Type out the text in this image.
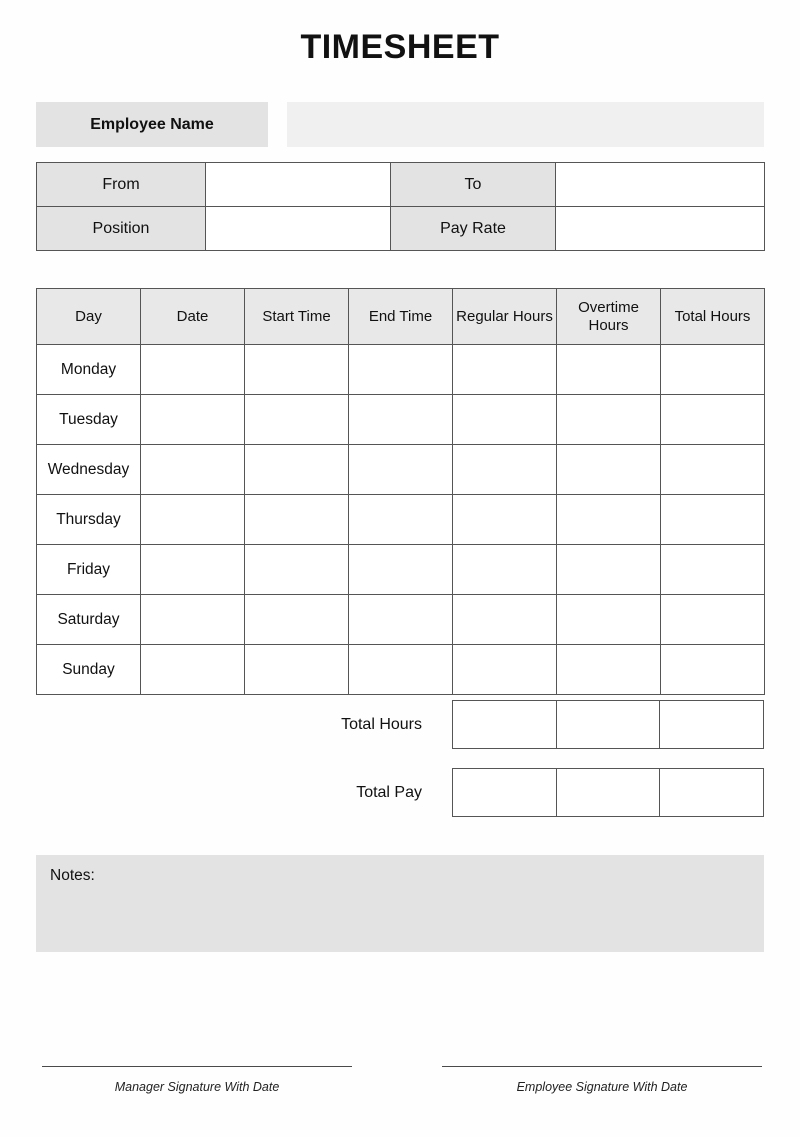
TIMESHEET
Employee Name
From		To	
Position		Pay Rate	
Day	Date	Start Time	End Time	Regular Hours	Overtime Hours	Total Hours
Monday						
Tuesday						
Wednesday						
Thursday						
Friday						
Saturday						
Sunday						
Total Hours
Total Pay
Notes:
Manager Signature With Date	Employee Signature With Date
